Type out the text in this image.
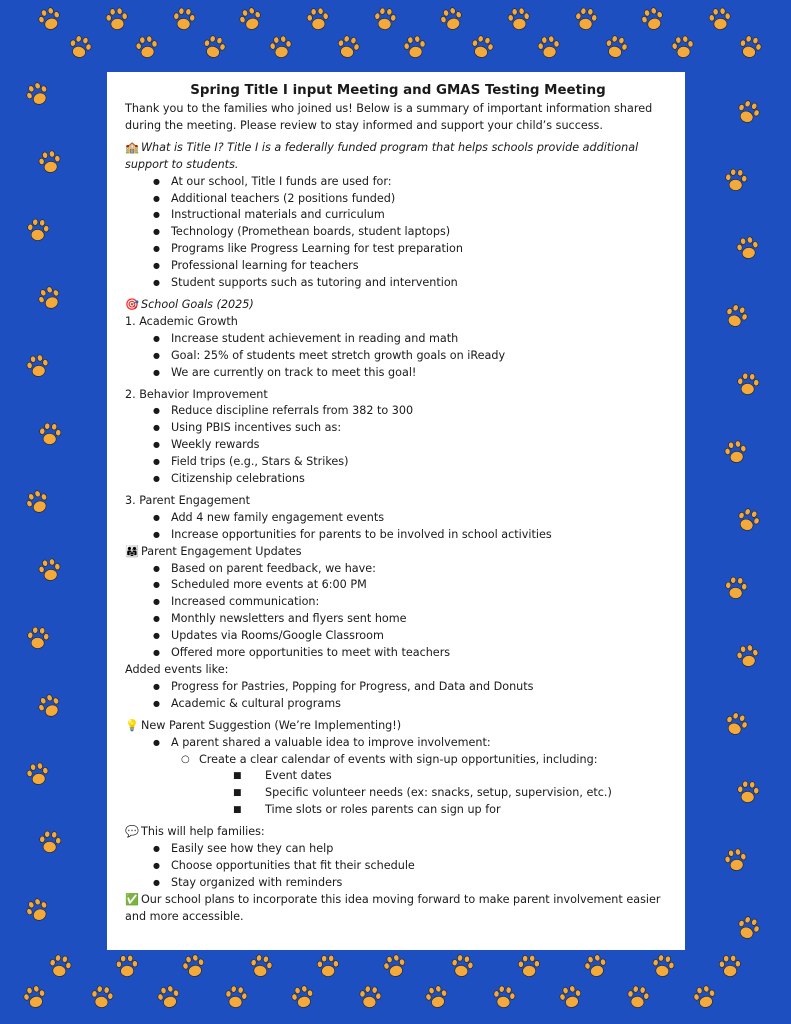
Spring Title I input Meeting and GMAS Testing Meeting
Thank you to the families who joined us! Below is a summary of important information shared during the meeting. Please review to stay informed and support your child’s success.
🏫 What is Title I? Title I is a federally funded program that helps schools provide additional support to students.
● At our school, Title I funds are used for:
● Additional teachers (2 positions funded)
● Instructional materials and curriculum
● Technology (Promethean boards, student laptops)
● Programs like Progress Learning for test preparation
● Professional learning for teachers
● Student supports such as tutoring and intervention
🎯 School Goals (2025)
1. Academic Growth
● Increase student achievement in reading and math
● Goal: 25% of students meet stretch growth goals on iReady
● We are currently on track to meet this goal!
2. Behavior Improvement
● Reduce discipline referrals from 382 to 300
● Using PBIS incentives such as:
● Weekly rewards
● Field trips (e.g., Stars & Strikes)
● Citizenship celebrations
3. Parent Engagement
● Add 4 new family engagement events
● Increase opportunities for parents to be involved in school activities
👨‍👩‍👧 Parent Engagement Updates
● Based on parent feedback, we have:
● Scheduled more events at 6:00 PM
● Increased communication:
● Monthly newsletters and flyers sent home
● Updates via Rooms/Google Classroom
● Offered more opportunities to meet with teachers
Added events like:
● Progress for Pastries, Popping for Progress, and Data and Donuts
● Academic & cultural programs
💡 New Parent Suggestion (We’re Implementing!)
● A parent shared a valuable idea to improve involvement:
○ Create a clear calendar of events with sign-up opportunities, including:
■ Event dates
■ Specific volunteer needs (ex: snacks, setup, supervision, etc.)
■ Time slots or roles parents can sign up for
💬 This will help families:
● Easily see how they can help
● Choose opportunities that fit their schedule
● Stay organized with reminders
✅ Our school plans to incorporate this idea moving forward to make parent involvement easier and more accessible.
